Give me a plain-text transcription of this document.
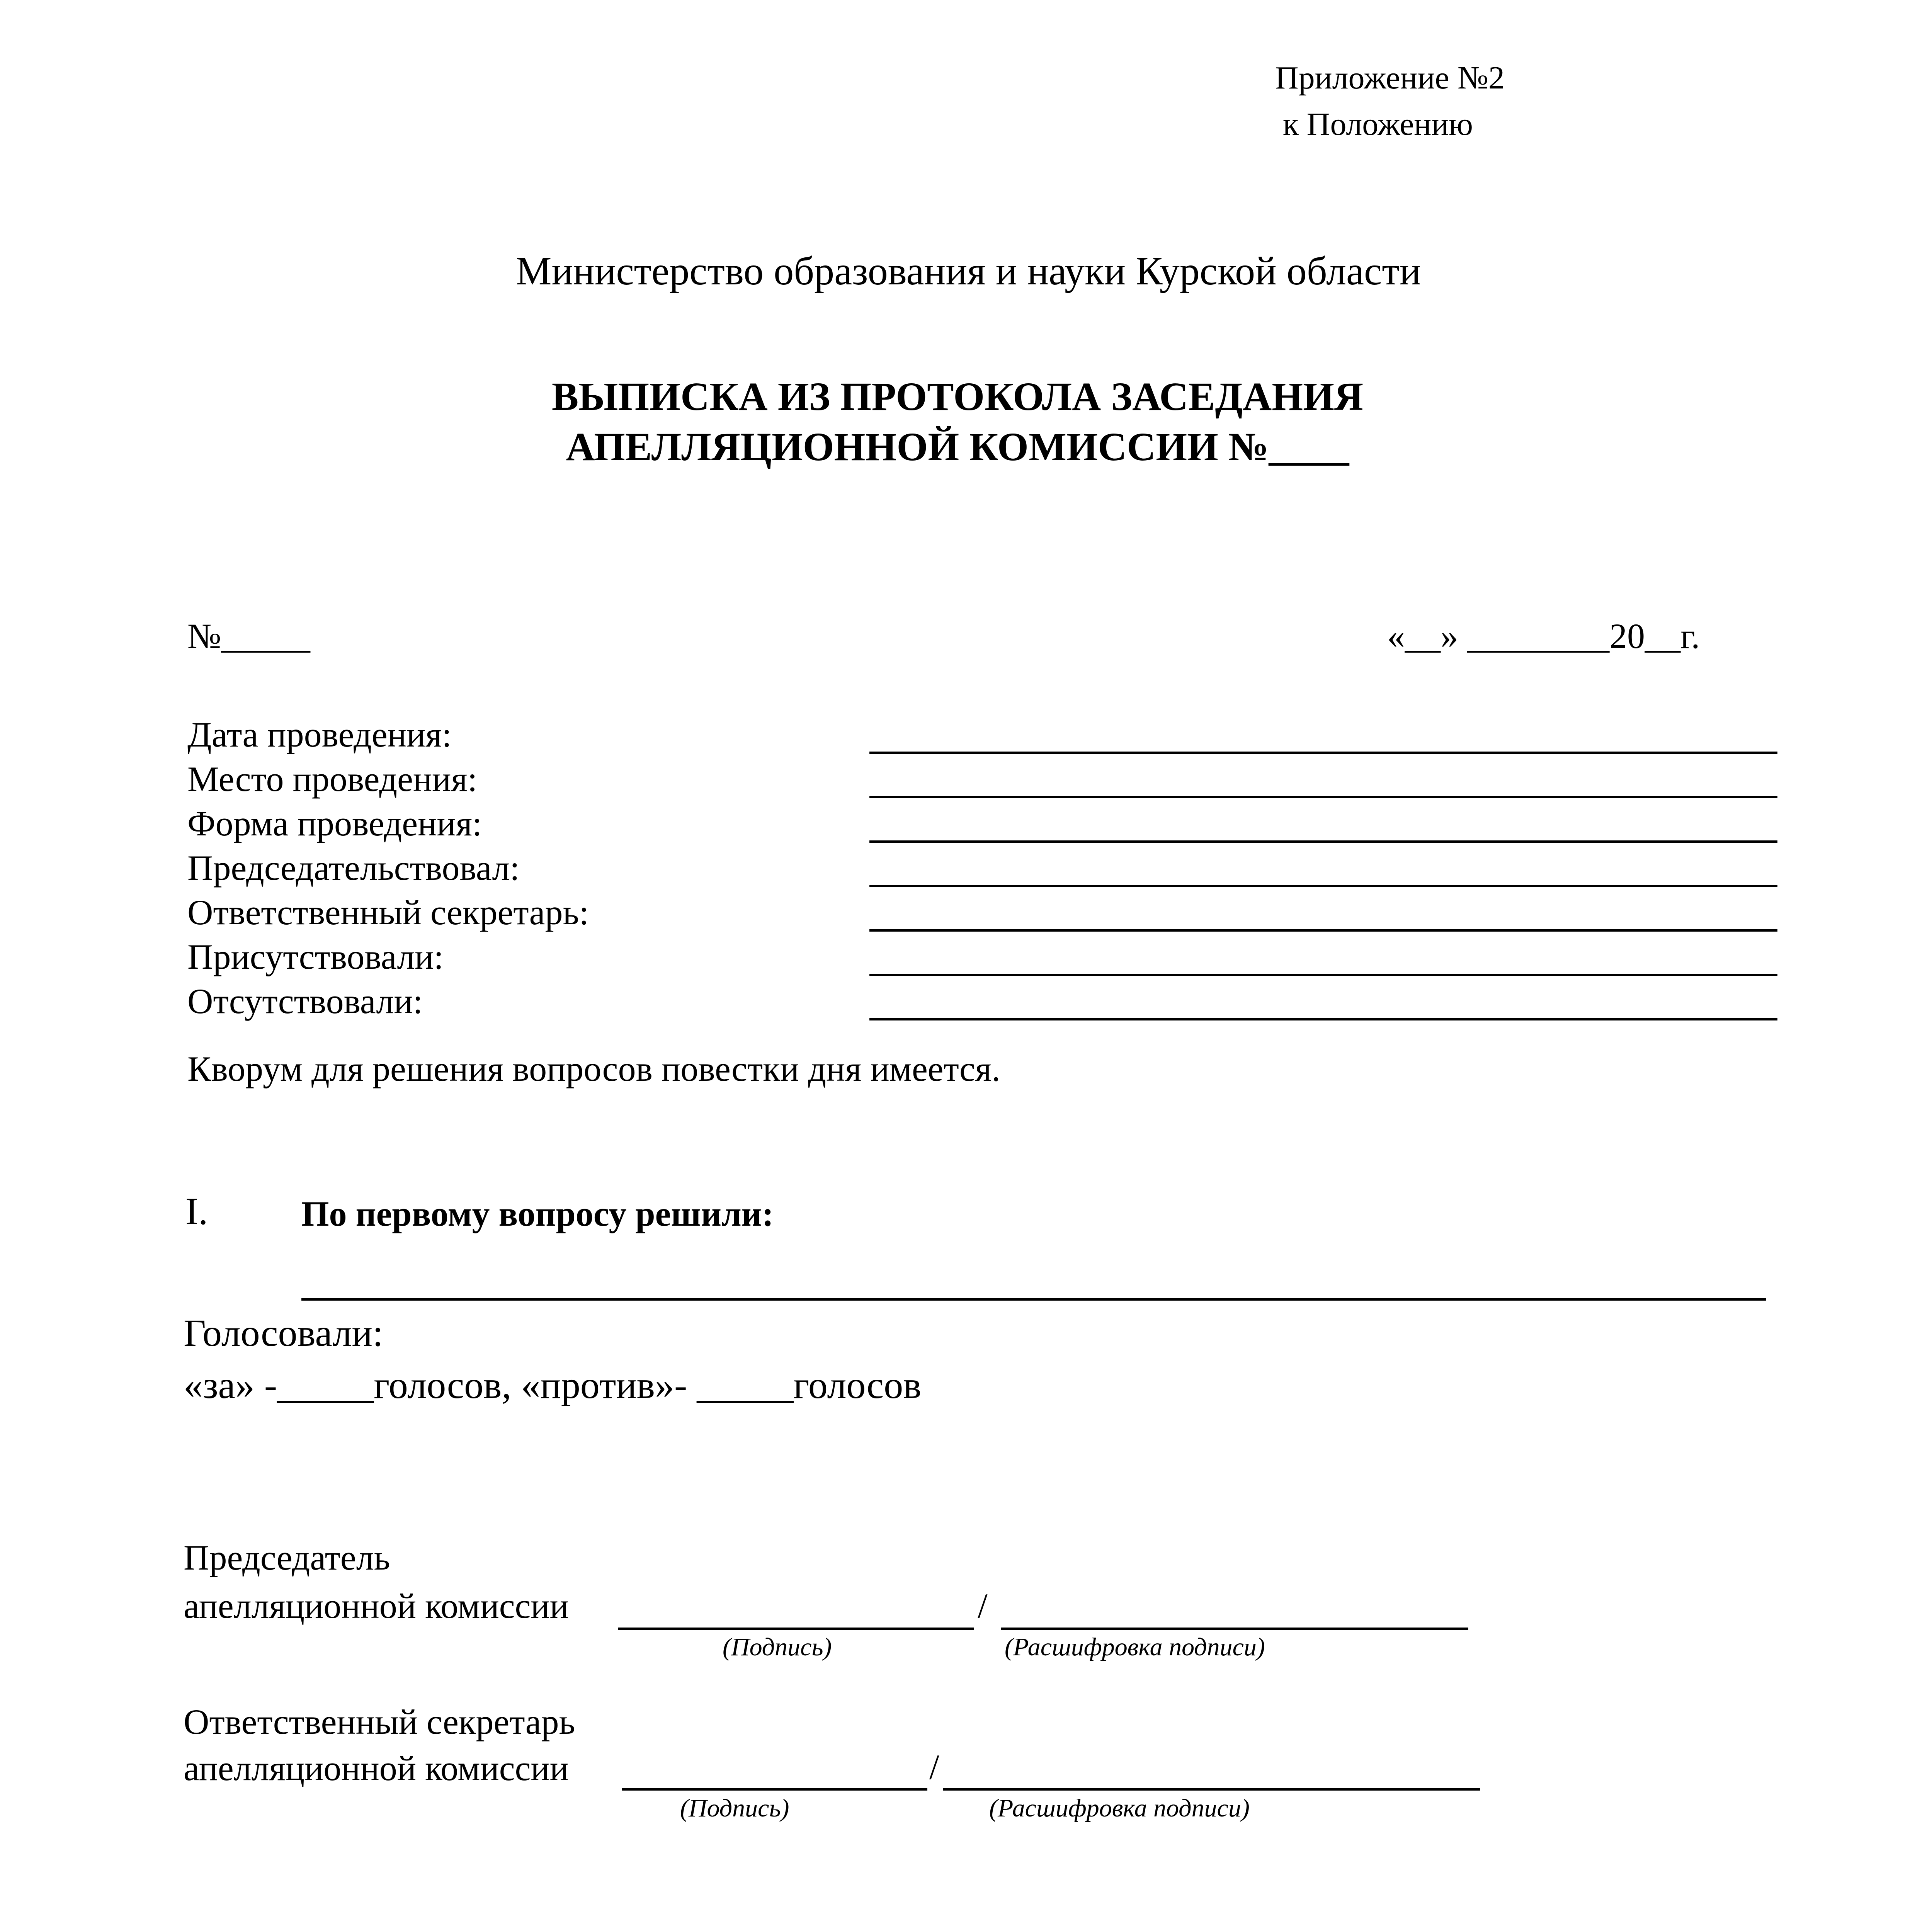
Приложение №2
к Положению
Министерство образования и науки Курской области
ВЫПИСКА ИЗ ПРОТОКОЛА ЗАСЕДАНИЯ
АПЕЛЛЯЦИОННОЙ КОМИССИИ №____
№_____	«__» ________20__г.
Дата проведения:
Место проведения:
Форма проведения:
Председательствовал:
Ответственный секретарь:
Присутствовали:
Отсутствовали:
Кворум для решения вопросов повестки дня имеется.
I.	По первому вопросу решили:
Голосовали:
«за» -_____голосов, «против»- _____голосов
Председатель
апелляционной комиссии	/
(Подпись)	(Расшифровка подписи)
Ответственный секретарь
апелляционной комиссии	/
(Подпись)	(Расшифровка подписи)
